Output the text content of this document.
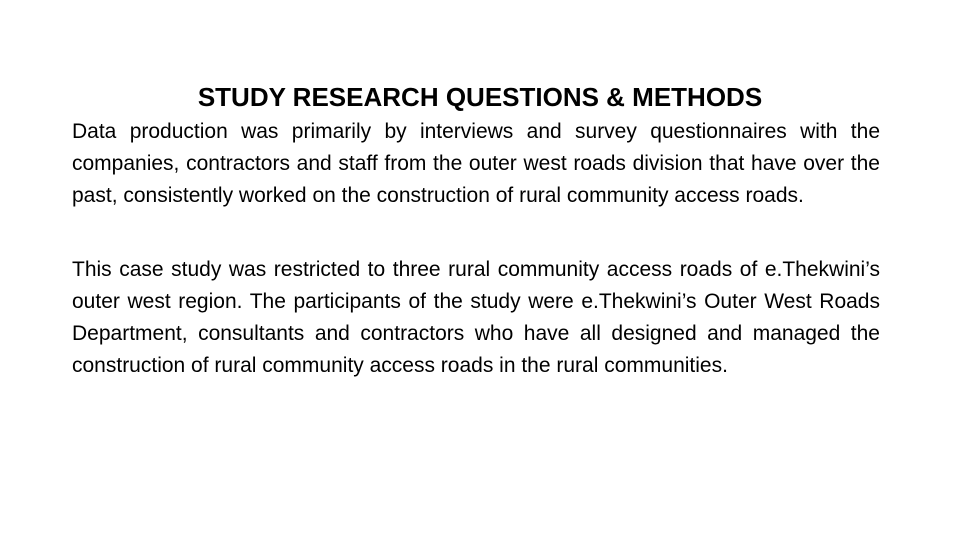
STUDY RESEARCH QUESTIONS & METHODS

Data production was primarily by interviews and survey questionnaires with the companies, contractors and staff from the outer west roads division that have over the past, consistently worked on the construction of rural community access roads.

This case study was restricted to three rural community access roads of e.Thekwini’s outer west region. The participants of the study were e.Thekwini’s Outer West Roads Department, consultants and contractors who have all designed and managed the construction of rural community access roads in the rural communities.
